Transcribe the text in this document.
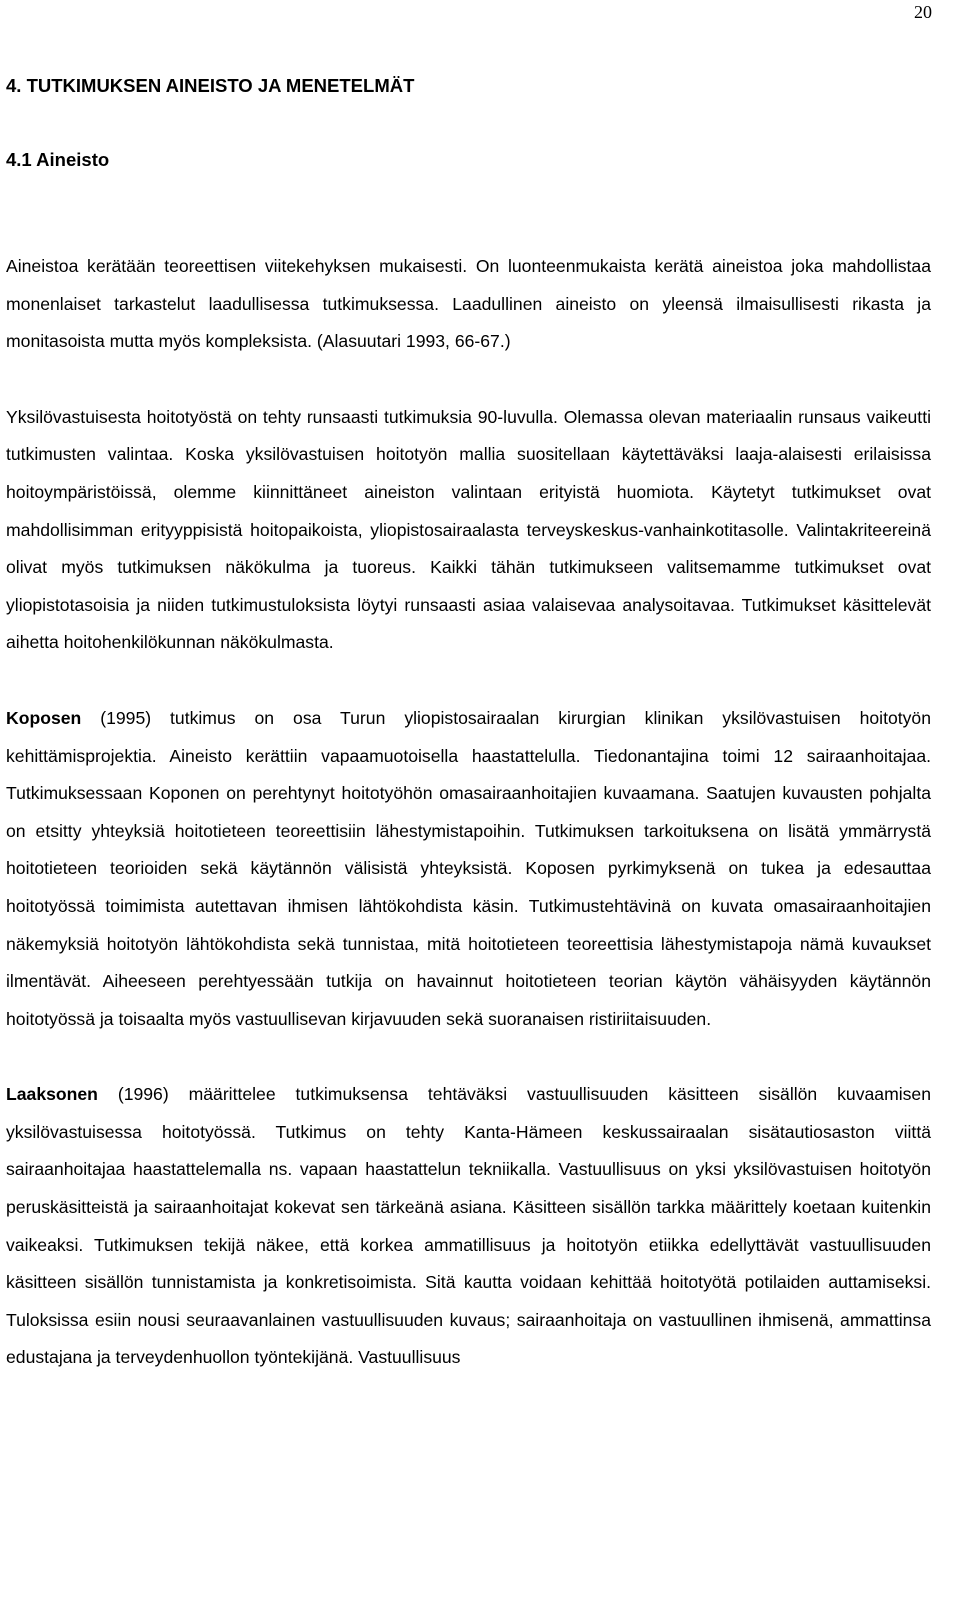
20
4. TUTKIMUKSEN AINEISTO JA MENETELMÄT
4.1 Aineisto

Aineistoa kerätään teoreettisen viitekehyksen mukaisesti. On luonteenmukaista kerätä aineistoa joka mahdollistaa monenlaiset tarkastelut laadullisessa tutkimuksessa. Laadullinen aineisto on yleensä ilmaisullisesti rikasta ja monitasoista mutta myös kompleksista. (Alasuutari 1993, 66-67.)

Yksilövastuisesta hoitotyöstä on tehty runsaasti tutkimuksia 90-luvulla. Olemassa olevan materiaalin runsaus vaikeutti tutkimusten valintaa. Koska yksilövastuisen hoitotyön mallia suositellaan käytettäväksi laaja-alaisesti erilaisissa hoitoympäristöissä, olemme kiinnittäneet aineiston valintaan erityistä huomiota. Käytetyt tutkimukset ovat mahdollisimman erityyppisistä hoitopaikoista, yliopistosairaalasta terveyskeskus-vanhainkotitasolle. Valintakriteereinä olivat myös tutkimuksen näkökulma ja tuoreus. Kaikki tähän tutkimukseen valitsemamme tutkimukset ovat yliopistotasoisia ja niiden tutkimustuloksista löytyi runsaasti asiaa valaisevaa analysoitavaa. Tutkimukset käsittelevät aihetta hoitohenkilökunnan näkökulmasta.

Koposen (1995) tutkimus on osa Turun yliopistosairaalan kirurgian klinikan yksilövastuisen hoitotyön kehittämisprojektia. Aineisto kerättiin vapaamuotoisella haastattelulla. Tiedonantajina toimi 12 sairaanhoitajaa. Tutkimuksessaan Koponen on perehtynyt hoitotyöhön omasairaanhoitajien kuvaamana. Saatujen kuvausten pohjalta on etsitty yhteyksiä hoitotieteen teoreettisiin lähestymistapoihin. Tutkimuksen tarkoituksena on lisätä ymmärrystä hoitotieteen teorioiden sekä käytännön välisistä yhteyksistä. Koposen pyrkimyksenä on tukea ja edesauttaa hoitotyössä toimimista autettavan ihmisen lähtökohdista käsin. Tutkimustehtävinä on kuvata omasairaanhoitajien näkemyksiä hoitotyön lähtökohdista sekä tunnistaa, mitä hoitotieteen teoreettisia lähestymistapoja nämä kuvaukset ilmentävät. Aiheeseen perehtyessään tutkija on havainnut hoitotieteen teorian käytön vähäisyyden käytännön hoitotyössä ja toisaalta myös vastuullisevan kirjavuuden sekä suoranaisen ristiriitaisuuden.

Laaksonen (1996) määrittelee tutkimuksensa tehtäväksi vastuullisuuden käsitteen sisällön kuvaamisen yksilövastuisessa hoitotyössä. Tutkimus on tehty Kanta-Hämeen keskussairaalan sisätautiosaston viittä sairaanhoitajaa haastattelemalla ns. vapaan haastattelun tekniikalla. Vastuullisuus on yksi yksilövastuisen hoitotyön peruskäsitteistä ja sairaanhoitajat kokevat sen tärkeänä asiana. Käsitteen sisällön tarkka määrittely koetaan kuitenkin vaikeaksi. Tutkimuksen tekijä näkee, että korkea ammatillisuus ja hoitotyön etiikka edellyttävät vastuullisuuden käsitteen sisällön tunnistamista ja konkretisoimista. Sitä kautta voidaan kehittää hoitotyötä potilaiden auttamiseksi. Tuloksissa esiin nousi seuraavanlainen vastuullisuuden kuvaus; sairaanhoitaja on vastuullinen ihmisenä, ammattinsa edustajana ja terveydenhuollon työntekijänä. Vastuullisuus
